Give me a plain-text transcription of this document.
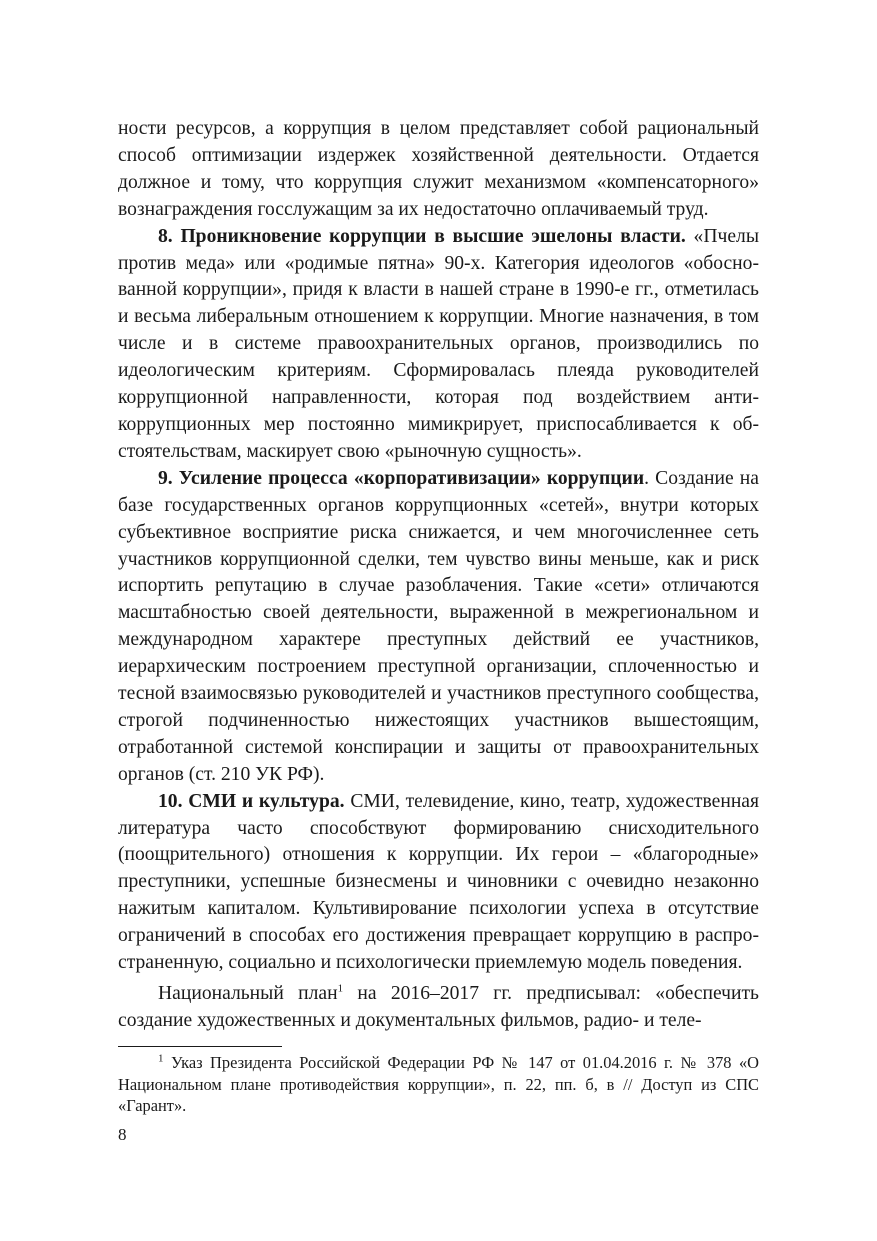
ности ресурсов, а коррупция в целом представляет собой рациональный способ оптимизации издержек хозяйственной деятельности. Отдается должное и тому, что коррупция служит механизмом «компенсаторного» вознаграждения госслужащим за их недостаточно оплачиваемый труд.

8. Проникновение коррупции в высшие эшелоны власти. «Пчелы против меда» или «родимые пятна» 90-х. Категория идеологов «обоснованной коррупции», придя к власти в нашей стране в 1990-е гг., отметилась и весьма либеральным отношением к коррупции. Многие назначения, в том числе и в системе правоохранительных органов, производились по идеологическим критериям. Сформировалась плеяда руководителей коррупционной направленности, которая под воздействием антикоррупционных мер постоянно мимикрирует, приспосабливается к обстоятельствам, маскирует свою «рыночную сущность».

9. Усиление процесса «корпоративизации» коррупции. Создание на базе государственных органов коррупционных «сетей», внутри которых субъективное восприятие риска снижается, и чем многочисленнее сеть участников коррупционной сделки, тем чувство вины меньше, как и риск испортить репутацию в случае разоблачения. Такие «сети» отличаются масштабностью своей деятельности, выраженной в межрегиональном и международном характере преступных действий ее участников, иерархическим построением преступной организации, сплоченностью и тесной взаимосвязью руководителей и участников преступного сообщества, строгой подчиненностью нижестоящих участников вышестоящим, отработанной системой конспирации и защиты от правоохранительных органов (ст. 210 УК РФ).

10. СМИ и культура. СМИ, телевидение, кино, театр, художественная литература часто способствуют формированию снисходительного (поощрительного) отношения к коррупции. Их герои – «благородные» преступники, успешные бизнесмены и чиновники с очевидно незаконно нажитым капиталом. Культивирование психологии успеха в отсутствие ограничений в способах его достижения превращает коррупцию в распространенную, социально и психологически приемлемую модель поведения.

Национальный план$^1$ на 2016–2017 гг. предписывал: «обеспечить создание художественных и документальных фильмов, радио- и теле-

$^1$ Указ Президента Российской Федерации РФ № 147 от 01.04.2016 г. № 378 «О Национальном плане противодействия коррупции», п. 22, пп. б, в // Доступ из СПС «Гарант».
8
